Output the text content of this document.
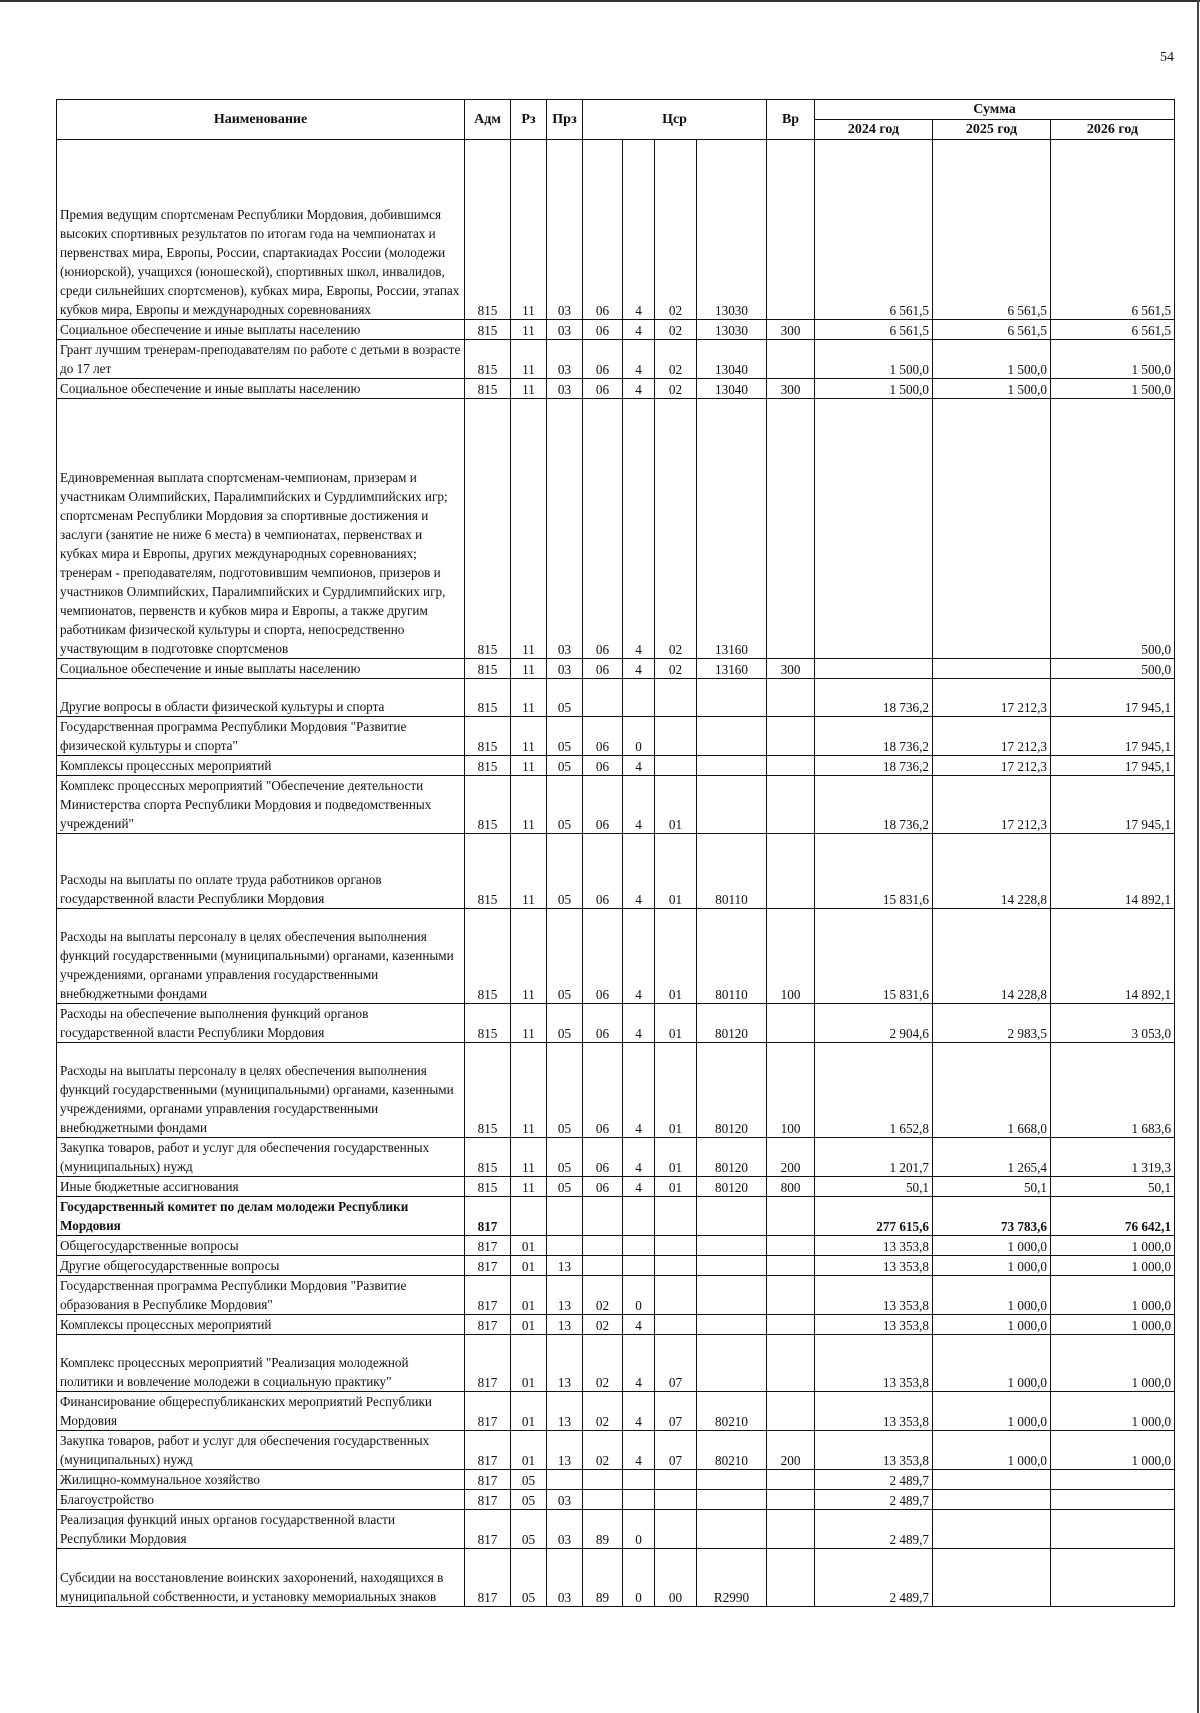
54
Наименование	Адм	Рз	Прз	Цср				Вр	Сумма		
									2024 год	2025 год	2026 год
Премия ведущим спортсменам Республики Мордовия, добившимся высоких спортивных результатов по итогам года на чемпионатах и первенствах мира, Европы, России, спартакиадах России (молодежи (юниорской), учащихся (юношеской), спортивных школ, инвалидов, среди сильнейших спортсменов), кубках мира, Европы, России, этапах кубков мира, Европы и международных соревнованиях	815	11	03	06	4	02	13030		6 561,5	6 561,5	6 561,5
Социальное обеспечение и иные выплаты населению	815	11	03	06	4	02	13030	300	6 561,5	6 561,5	6 561,5
Грант лучшим тренерам-преподавателям по работе с детьми в возрасте до 17 лет	815	11	03	06	4	02	13040		1 500,0	1 500,0	1 500,0
Социальное обеспечение и иные выплаты населению	815	11	03	06	4	02	13040	300	1 500,0	1 500,0	1 500,0
Единовременная выплата спортсменам-чемпионам, призерам и участникам Олимпийских, Паралимпийских и Сурдлимпийских игр; спортсменам Республики Мордовия за спортивные достижения и заслуги (занятие не ниже 6 места) в чемпионатах, первенствах и кубках мира и Европы, других международных соревнованиях; тренерам - преподавателям, подготовившим чемпионов, призеров и участников Олимпийских, Паралимпийских и Сурдлимпийских игр, чемпионатов, первенств и кубков мира и Европы, а также другим работникам физической культуры и спорта, непосредственно участвующим в подготовке спортсменов	815	11	03	06	4	02	13160				500,0
Социальное обеспечение и иные выплаты населению	815	11	03	06	4	02	13160	300			500,0
Другие вопросы в области физической культуры и спорта	815	11	05						18 736,2	17 212,3	17 945,1
Государственная программа Республики Мордовия "Развитие физической культуры и спорта"	815	11	05	06	0				18 736,2	17 212,3	17 945,1
Комплексы процессных мероприятий	815	11	05	06	4				18 736,2	17 212,3	17 945,1
Комплекс процессных мероприятий "Обеспечение деятельности Министерства спорта Республики Мордовия и подведомственных учреждений"	815	11	05	06	4	01			18 736,2	17 212,3	17 945,1
Расходы на выплаты по оплате труда работников органов государственной власти Республики Мордовия	815	11	05	06	4	01	80110		15 831,6	14 228,8	14 892,1
Расходы на выплаты персоналу в целях обеспечения выполнения функций государственными (муниципальными) органами, казенными учреждениями, органами управления государственными внебюджетными фондами	815	11	05	06	4	01	80110	100	15 831,6	14 228,8	14 892,1
Расходы на обеспечение выполнения функций органов государственной власти Республики Мордовия	815	11	05	06	4	01	80120		2 904,6	2 983,5	3 053,0
Расходы на выплаты персоналу в целях обеспечения выполнения функций государственными (муниципальными) органами, казенными учреждениями, органами управления государственными внебюджетными фондами	815	11	05	06	4	01	80120	100	1 652,8	1 668,0	1 683,6
Закупка товаров, работ и услуг для обеспечения государственных (муниципальных) нужд	815	11	05	06	4	01	80120	200	1 201,7	1 265,4	1 319,3
Иные бюджетные ассигнования	815	11	05	06	4	01	80120	800	50,1	50,1	50,1
Государственный комитет по делам молодежи Республики Мордовия	817								277 615,6	73 783,6	76 642,1
Общегосударственные вопросы	817	01							13 353,8	1 000,0	1 000,0
Другие общегосударственные вопросы	817	01	13						13 353,8	1 000,0	1 000,0
Государственная программа Республики Мордовия "Развитие образования в Республике Мордовия"	817	01	13	02	0				13 353,8	1 000,0	1 000,0
Комплексы процессных мероприятий	817	01	13	02	4				13 353,8	1 000,0	1 000,0
Комплекс процессных мероприятий "Реализация молодежной политики и вовлечение молодежи в социальную практику"	817	01	13	02	4	07			13 353,8	1 000,0	1 000,0
Финансирование общереспубликанских мероприятий Республики Мордовия	817	01	13	02	4	07	80210		13 353,8	1 000,0	1 000,0
Закупка товаров, работ и услуг для обеспечения государственных (муниципальных) нужд	817	01	13	02	4	07	80210	200	13 353,8	1 000,0	1 000,0
Жилищно-коммунальное хозяйство	817	05							2 489,7		
Благоустройство	817	05	03						2 489,7		
Реализация функций иных органов государственной власти Республики Мордовия	817	05	03	89	0				2 489,7		
Субсидии на восстановление воинских захоронений, находящихся в муниципальной собственности, и установку мемориальных знаков	817	05	03	89	0	00	R2990		2 489,7		
